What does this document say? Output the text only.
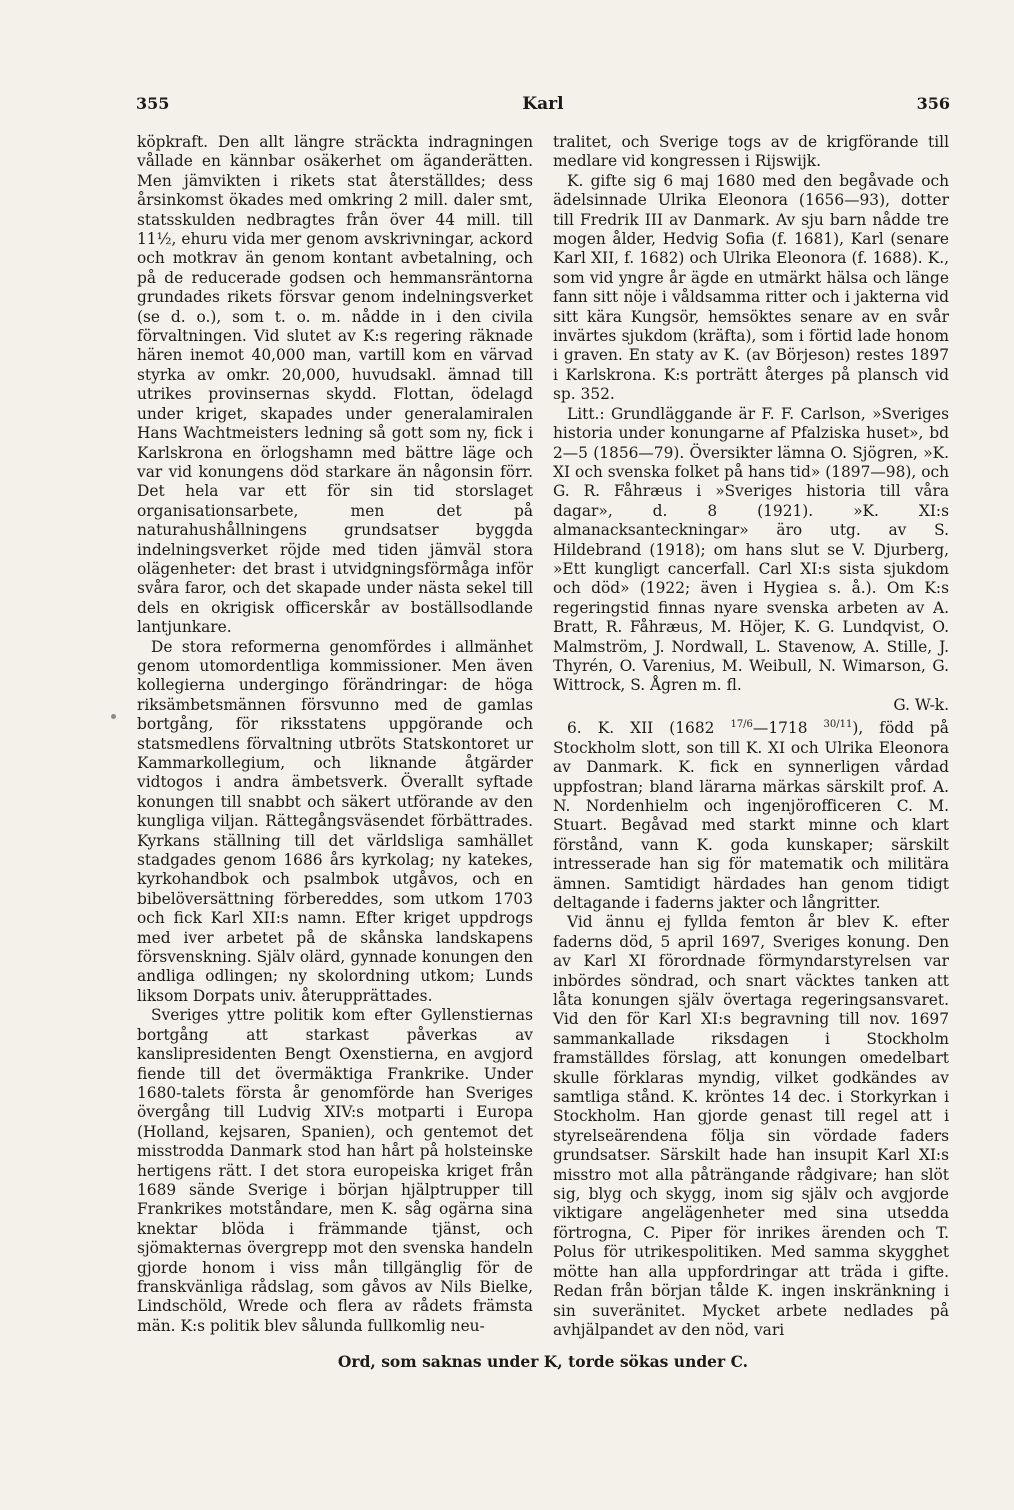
355	Karl	356

köpkraft. Den allt längre sträckta indragningen vållade en kännbar osäkerhet om äganderätten. Men jämvikten i rikets stat återställdes; dess årsinkomst ökades med omkring 2 mill. daler smt, statsskulden nedbragtes från över 44 mill. till 11½, ehuru vida mer genom avskrivningar, ackord och motkrav än genom kontant avbetalning, och på de reducerade godsen och hemmansräntorna grundades rikets försvar genom indelningsverket (se d. o.), som t. o. m. nådde in i den civila förvaltningen. Vid slutet av K:s regering räknade hären inemot 40,000 man, vartill kom en värvad styrka av omkr. 20,000, huvudsakl. ämnad till utrikes provinsernas skydd. Flottan, ödelagd under kriget, skapades under generalamiralen Hans Wachtmeisters ledning så gott som ny, fick i Karlskrona en örlogshamn med bättre läge och var vid konungens död starkare än någonsin förr. Det hela var ett för sin tid storslaget organisationsarbete, men det på naturahushållningens grundsatser byggda indelningsverket röjde med tiden jämväl stora olägenheter: det brast i utvidgningsförmåga inför svåra faror, och det skapade under nästa sekel till dels en okrigisk officerskår av boställsodlande lantjunkare.

De stora reformerna genomfördes i allmänhet genom utomordentliga kommissioner. Men även kollegierna undergingo förändringar: de höga riksämbetsmännen försvunno med de gamlas bortgång, för riksstatens uppgörande och statsmedlens förvaltning utbröts Statskontoret ur Kammarkollegium, och liknande åtgärder vidtogos i andra ämbetsverk. Överallt syftade konungen till snabbt och säkert utförande av den kungliga viljan. Rättegångsväsendet förbättrades. Kyrkans ställning till det världsliga samhället stadgades genom 1686 års kyrkolag; ny katekes, kyrkohandbok och psalmbok utgåvos, och en bibelöversättning förbereddes, som utkom 1703 och fick Karl XII:s namn. Efter kriget uppdrogs med iver arbetet på de skånska landskapens försvenskning. Själv olärd, gynnade konungen den andliga odlingen; ny skolordning utkom; Lunds liksom Dorpats univ. återupprättades.

Sveriges yttre politik kom efter Gyllenstiernas bortgång att starkast påverkas av kanslipresidenten Bengt Oxenstierna, en avgjord fiende till det övermäktiga Frankrike. Under 1680-talets första år genomförde han Sveriges övergång till Ludvig XIV:s motparti i Europa (Holland, kejsaren, Spanien), och gentemot det misstrodda Danmark stod han hårt på holsteinske hertigens rätt. I det stora europeiska kriget från 1689 sände Sverige i början hjälptrupper till Frankrikes motståndare, men K. såg ogärna sina knektar blöda i främmande tjänst, och sjömakternas övergrepp mot den svenska handeln gjorde honom i viss mån tillgänglig för de franskvänliga rådslag, som gåvos av Nils Bielke, Lindschöld, Wrede och flera av rådets främsta män. K:s politik blev sålunda fullkomlig neu-

tralitet, och Sverige togs av de krigförande till medlare vid kongressen i Rijswijk.

K. gifte sig 6 maj 1680 med den begåvade och ädelsinnade Ulrika Eleonora (1656—93), dotter till Fredrik III av Danmark. Av sju barn nådde tre mogen ålder, Hedvig Sofia (f. 1681), Karl (senare Karl XII, f. 1682) och Ulrika Eleonora (f. 1688). K., som vid yngre år ägde en utmärkt hälsa och länge fann sitt nöje i våldsamma ritter och i jakterna vid sitt kära Kungsör, hemsöktes senare av en svår invärtes sjukdom (kräfta), som i förtid lade honom i graven. En staty av K. (av Börjeson) restes 1897 i Karlskrona. K:s porträtt återges på plansch vid sp. 352.

Litt.: Grundläggande är F. F. Carlson, »Sveriges historia under konungarne af Pfalziska huset», bd 2—5 (1856—79). Översikter lämna O. Sjögren, »K. XI och svenska folket på hans tid» (1897—98), och G. R. Fåhræus i »Sveriges historia till våra dagar», d. 8 (1921). »K. XI:s almanacksanteckningar» äro utg. av S. Hildebrand (1918); om hans slut se V. Djurberg, »Ett kungligt cancerfall. Carl XI:s sista sjukdom och död» (1922; även i Hygiea s. å.). Om K:s regeringstid finnas nyare svenska arbeten av A. Bratt, R. Fåhræus, M. Höjer, K. G. Lundqvist, O. Malmström, J. Nordwall, L. Stavenow, A. Stille, J. Thyrén, O. Varenius, M. Weibull, N. Wimarson, G. Wittrock, S. Ågren m. fl.
G. W-k.

6. K. XII (1682 $^{17/6}$—1718 $^{30/11}$), född på Stockholm slott, son till K. XI och Ulrika Eleonora av Danmark. K. fick en synnerligen vårdad uppfostran; bland lärarna märkas särskilt prof. A. N. Nordenhielm och ingenjörofficeren C. M. Stuart. Begåvad med starkt minne och klart förstånd, vann K. goda kunskaper; särskilt intresserade han sig för matematik och militära ämnen. Samtidigt härdades han genom tidigt deltagande i faderns jakter och långritter.

Vid ännu ej fyllda femton år blev K. efter faderns död, 5 april 1697, Sveriges konung. Den av Karl XI förordnade förmyndarstyrelsen var inbördes söndrad, och snart väcktes tanken att låta konungen själv övertaga regeringsansvaret. Vid den för Karl XI:s begravning till nov. 1697 sammankallade riksdagen i Stockholm framställdes förslag, att konungen omedelbart skulle förklaras myndig, vilket godkändes av samtliga stånd. K. kröntes 14 dec. i Storkyrkan i Stockholm. Han gjorde genast till regel att i styrelseärendena följa sin vördade faders grundsatser. Särskilt hade han insupit Karl XI:s misstro mot alla påträngande rådgivare; han slöt sig, blyg och skygg, inom sig själv och avgjorde viktigare angelägenheter med sina utsedda förtrogna, C. Piper för inrikes ärenden och T. Polus för utrikespolitiken. Med samma skygghet mötte han alla uppfordringar att träda i gifte. Redan från början tålde K. ingen inskränkning i sin suveränitet. Mycket arbete nedlades på avhjälpandet av den nöd, vari

Ord, som saknas under K, torde sökas under C.
